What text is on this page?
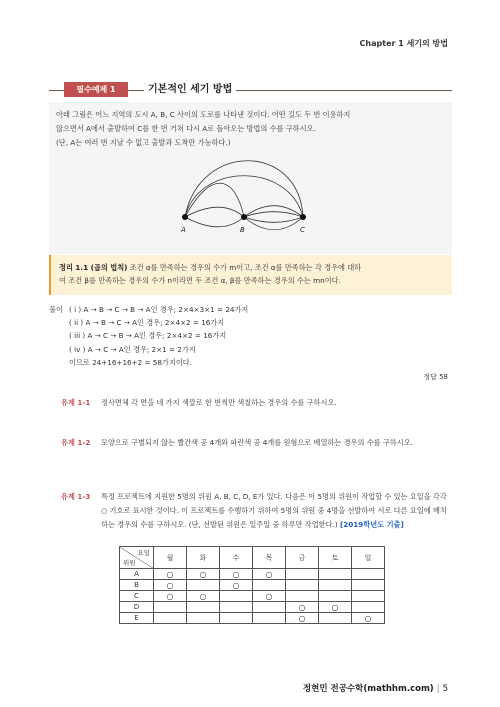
Chapter 1 세기의 방법
필수예제 1	기본적인 세기 방법
아래 그림은 어느 지역의 도시 A, B, C 사이의 도로를 나타낸 것이다. 어떤 길도 두 번 이용하지
않으면서 A에서 출발하여 C를 한 번 거쳐 다시 A로 돌아오는 방법의 수를 구하시오.
(단, A는 여러 번 지날 수 없고 출발과 도착만 가능하다.)
A	B	C
정리 1.1 (곱의 법칙) 조건 α를 만족하는 경우의 수가 m이고, 조건 α를 만족하는 각 경우에 대하
여 조건 β를 만족하는 경우의 수가 n이라면 두 조건 α, β를 만족하는 경우의 수는 mn이다.
풀이 ( i )
A → B → C → B → A인 경우; 2×4×3×1 = 24가지
( ii )
A → B → C → A인 경우; 2×4×2 = 16가지
( iii )
A → C → B → A인 경우; 2×4×2 = 16가지
( iv )
A → C → A인 경우; 2×1 = 2가지
이므로 24+16+16+2 = 58가지이다.
정답 58
유제 1-1 정사면체 각 면을 네 가지 색깔로 한 번씩만 색칠하는 경우의 수를 구하시오.
유제 1-2 모양으로 구별되지 않는 빨간색 공 4개와 파란색 공 4개를 원형으로 배열하는 경우의 수를 구하시오.
유제 1-3 특정 프로젝트에 지원한 5명의 위원 A, B, C, D, E가 있다. 다음은 이 5명의 위원이 작업할 수 있는 요일을 각각 ○ 기호로 표시한 것이다. 이 프로젝트를 수행하기 위하여 5명의 위원 중 4명을 선발하여 서로 다른 요일에 배치하는 경우의 수를 구하시오. (단, 선발된 위원은 일주일 중 하루만 작업한다.) [2019학년도 기출]
요일
위원	월	화	수	목	금	토	일
A	○	○	○	○			
B	○		○				
C	○	○		○			
D					○	○	
E					○		○
정현민 전공수학(mathhm.com) | 5
